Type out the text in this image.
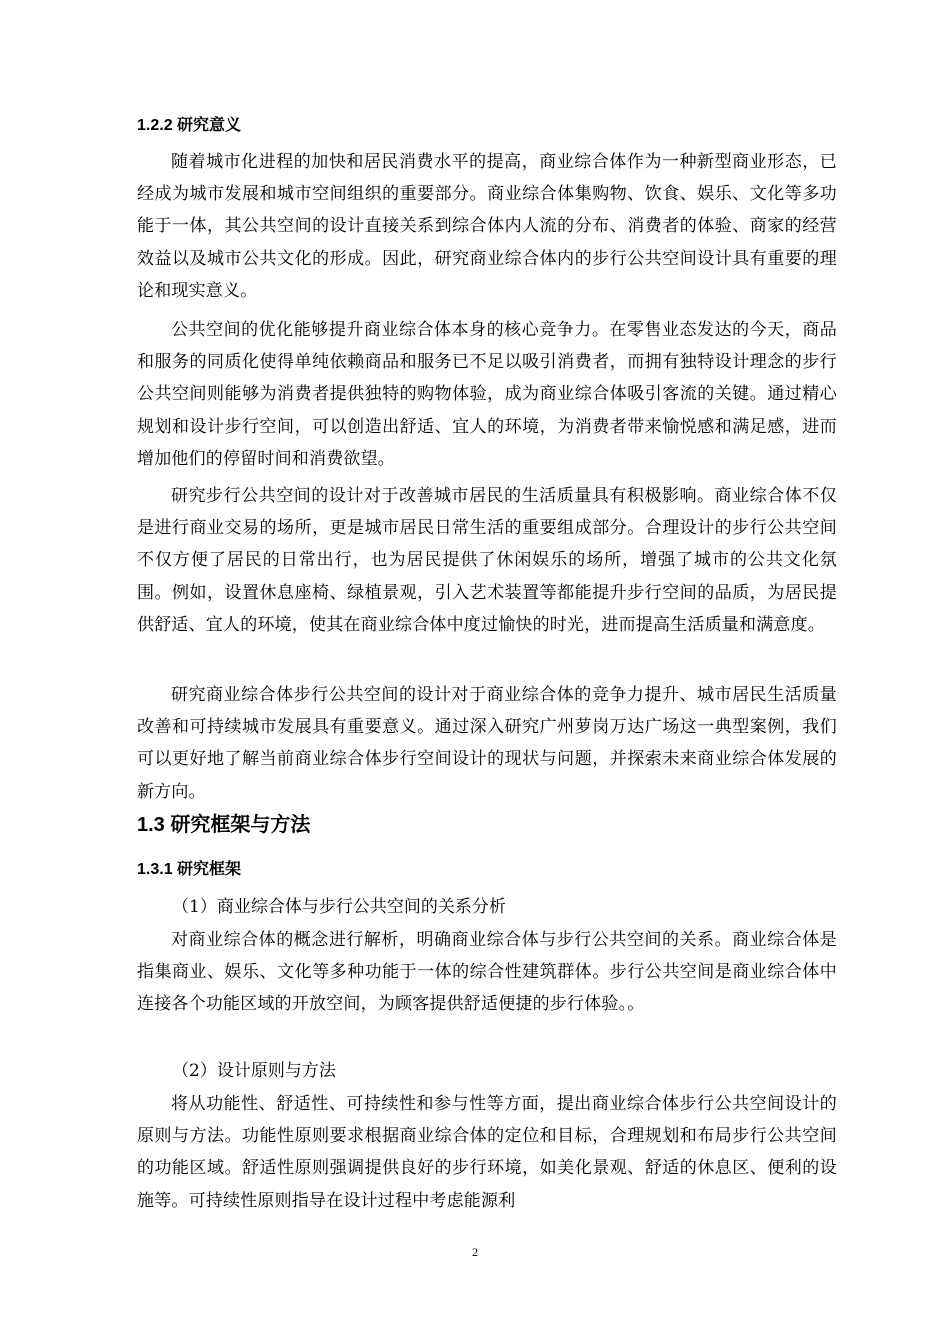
1.2.2 研究意义

随着城市化进程的加快和居民消费水平的提高，商业综合体作为一种新型商业形态，已经成为城市发展和城市空间组织的重要部分。商业综合体集购物、饮食、娱乐、文化等多功能于一体，其公共空间的设计直接关系到综合体内人流的分布、消费者的体验、商家的经营效益以及城市公共文化的形成。因此，研究商业综合体内的步行公共空间设计具有重要的理论和现实意义。

公共空间的优化能够提升商业综合体本身的核心竞争力。在零售业态发达的今天，商品和服务的同质化使得单纯依赖商品和服务已不足以吸引消费者，而拥有独特设计理念的步行公共空间则能够为消费者提供独特的购物体验，成为商业综合体吸引客流的关键。通过精心规划和设计步行空间，可以创造出舒适、宜人的环境，为消费者带来愉悦感和满足感，进而增加他们的停留时间和消费欲望。

研究步行公共空间的设计对于改善城市居民的生活质量具有积极影响。商业综合体不仅是进行商业交易的场所，更是城市居民日常生活的重要组成部分。合理设计的步行公共空间不仅方便了居民的日常出行，也为居民提供了休闲娱乐的场所，增强了城市的公共文化氛围。例如，设置休息座椅、绿植景观，引入艺术装置等都能提升步行空间的品质，为居民提供舒适、宜人的环境，使其在商业综合体中度过愉快的时光，进而提高生活质量和满意度。

研究商业综合体步行公共空间的设计对于商业综合体的竞争力提升、城市居民生活质量改善和可持续城市发展具有重要意义。通过深入研究广州萝岗万达广场这一典型案例，我们可以更好地了解当前商业综合体步行空间设计的现状与问题，并探索未来商业综合体发展的新方向。

1.3 研究框架与方法
1.3.1 研究框架
（1）商业综合体与步行公共空间的关系分析

对商业综合体的概念进行解析，明确商业综合体与步行公共空间的关系。商业综合体是指集商业、娱乐、文化等多种功能于一体的综合性建筑群体。步行公共空间是商业综合体中连接各个功能区域的开放空间，为顾客提供舒适便捷的步行体验。。

（2）设计原则与方法

将从功能性、舒适性、可持续性和参与性等方面，提出商业综合体步行公共空间设计的原则与方法。功能性原则要求根据商业综合体的定位和目标，合理规划和布局步行公共空间的功能区域。舒适性原则强调提供良好的步行环境，如美化景观、舒适的休息区、便利的设施等。可持续性原则指导在设计过程中考虑能源利

2
